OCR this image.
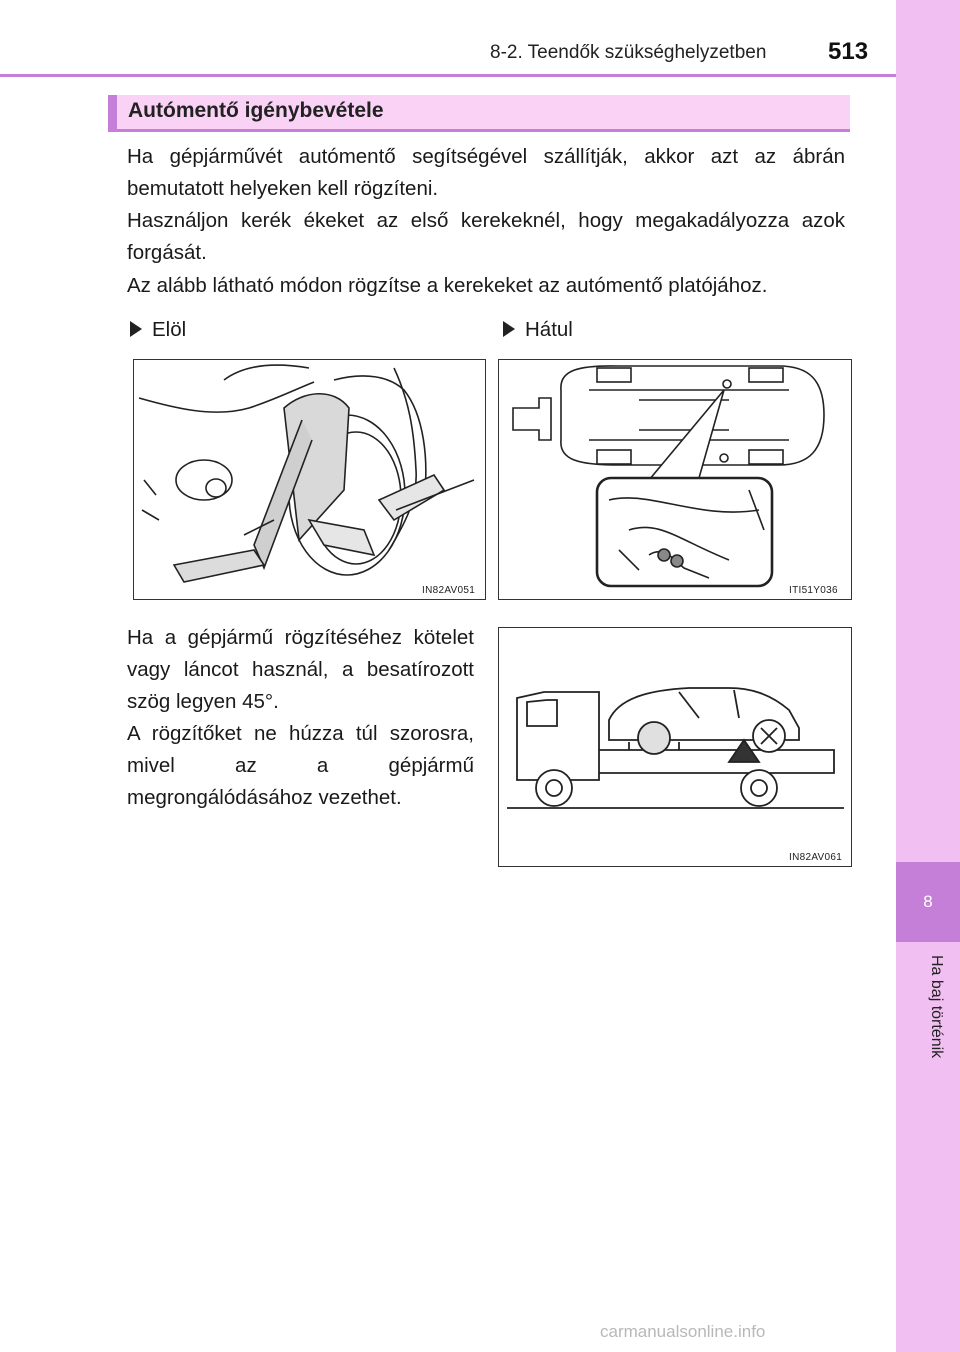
8
Ha baj történik
8-2. Teendők szükséghelyzetben	513
Autómentő igénybevétele

Ha gépjárművét autómentő segítségével szállítják, akkor azt az ábrán bemutatott helyeken kell rögzíteni.

Használjon kerék ékeket az első kerekeknél, hogy megakadályozza azok forgását.

Az alább látható módon rögzítse a kerekeket az autómentő platójához.

Elöl	Hátul
IN82AV051	ITI51Y036

Ha a gépjármű rögzítéséhez kötelet vagy láncot használ, a besatírozott szög legyen 45°.

A rögzítőket ne húzza túl szorosra, mivel az a gépjármű megrongálódásához vezethet.

IN82AV061
carmanualsonline.info
